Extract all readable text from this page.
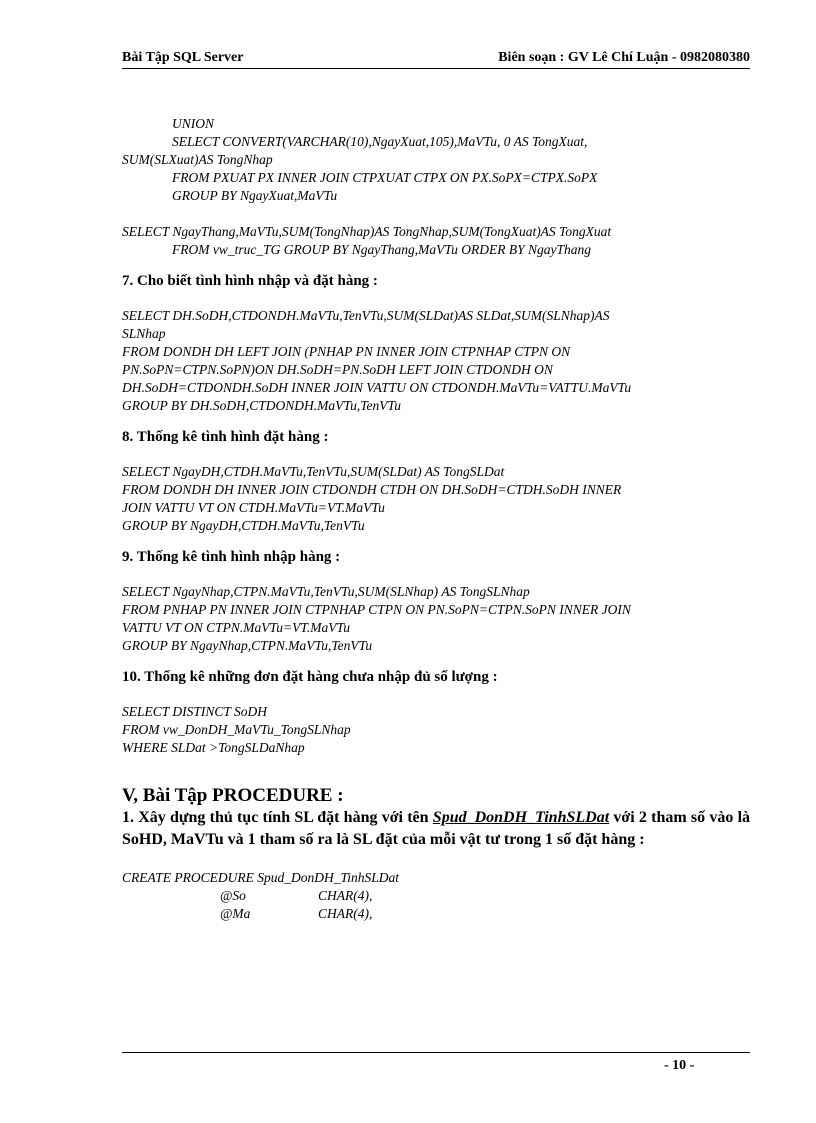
Bài Tập SQL Server	Biên soạn : GV Lê Chí Luận - 0982080380
UNION
SELECT CONVERT(VARCHAR(10),NgayXuat,105),MaVTu, 0 AS TongXuat,
SUM(SLXuat)AS TongNhap
FROM PXUAT PX INNER JOIN CTPXUAT CTPX ON PX.SoPX=CTPX.SoPX
GROUP BY NgayXuat,MaVTu
SELECT NgayThang,MaVTu,SUM(TongNhap)AS TongNhap,SUM(TongXuat)AS TongXuat
FROM vw_truc_TG GROUP BY NgayThang,MaVTu ORDER BY NgayThang
7. Cho biết tình hình nhập và đặt hàng :
SELECT DH.SoDH,CTDONDH.MaVTu,TenVTu,SUM(SLDat)AS SLDat,SUM(SLNhap)AS
SLNhap
FROM DONDH DH LEFT JOIN (PNHAP PN INNER JOIN CTPNHAP CTPN ON
PN.SoPN=CTPN.SoPN)ON DH.SoDH=PN.SoDH LEFT JOIN CTDONDH ON
DH.SoDH=CTDONDH.SoDH INNER JOIN VATTU ON CTDONDH.MaVTu=VATTU.MaVTu
GROUP BY DH.SoDH,CTDONDH.MaVTu,TenVTu
8. Thống kê tình hình đặt hàng :
SELECT NgayDH,CTDH.MaVTu,TenVTu,SUM(SLDat) AS TongSLDat
FROM DONDH DH INNER JOIN CTDONDH CTDH ON DH.SoDH=CTDH.SoDH INNER
JOIN VATTU VT ON CTDH.MaVTu=VT.MaVTu
GROUP BY NgayDH,CTDH.MaVTu,TenVTu
9. Thống kê tình hình nhập hàng :
SELECT NgayNhap,CTPN.MaVTu,TenVTu,SUM(SLNhap) AS TongSLNhap
FROM PNHAP PN INNER JOIN CTPNHAP CTPN ON PN.SoPN=CTPN.SoPN INNER JOIN
VATTU VT ON CTPN.MaVTu=VT.MaVTu
GROUP BY NgayNhap,CTPN.MaVTu,TenVTu
10. Thống kê những đơn đặt hàng chưa nhập đủ số lượng :
SELECT DISTINCT SoDH
FROM vw_DonDH_MaVTu_TongSLNhap
WHERE SLDat >TongSLDaNhap
V, Bài Tập PROCEDURE :
1. Xây dựng thủ tục tính SL đặt hàng với tên Spud_DonDH_TinhSLDat với 2 tham số vào là SoHD, MaVTu và 1 tham số ra là SL đặt của mỗi vật tư trong 1 số đặt hàng :
CREATE PROCEDURE Spud_DonDH_TinhSLDat
@So	CHAR(4),
@Ma	CHAR(4),
- 10 -
